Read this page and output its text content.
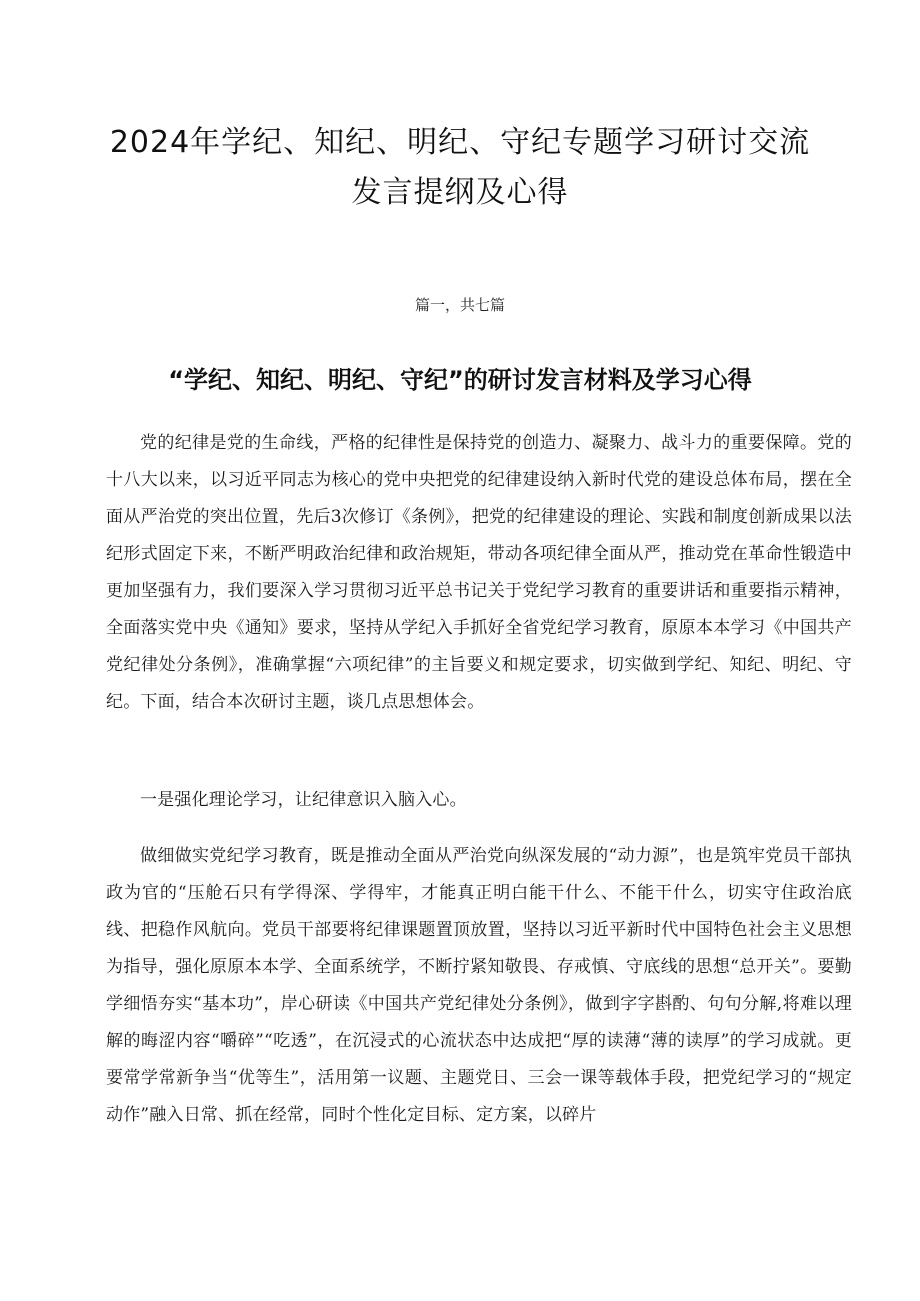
2024年学纪、知纪、明纪、守纪专题学习研讨交流
发言提纲及心得
篇一，共七篇
“学纪、知纪、明纪、守纪”的研讨发言材料及学习心得

党的纪律是党的生命线，严格的纪律性是保持党的创造力、凝聚力、战斗力的重要保障。党的十八大以来，以习近平同志为核心的党中央把党的纪律建设纳入新时代党的建设总体布局，摆在全面从严治党的突出位置，先后3次修订《条例》，把党的纪律建设的理论、实践和制度创新成果以法纪形式固定下来，不断严明政治纪律和政治规矩，带动各项纪律全面从严，推动党在革命性锻造中更加坚强有力，我们要深入学习贯彻习近平总书记关于党纪学习教育的重要讲话和重要指示精神，全面落实党中央《通知》要求，坚持从学纪入手抓好全省党纪学习教育，原原本本学习《中国共产党纪律处分条例》，准确掌握“六项纪律”的主旨要义和规定要求，切实做到学纪、知纪、明纪、守纪。下面，结合本次研讨主题，谈几点思想体会。

一是强化理论学习，让纪律意识入脑入心。

做细做实党纪学习教育，既是推动全面从严治党向纵深发展的“动力源”，也是筑牢党员干部执政为官的“压舱石只有学得深、学得牢，才能真正明白能干什么、不能干什么，切实守住政治底线、把稳作风航向。党员干部要将纪律课题置顶放置，坚持以习近平新时代中国特色社会主义思想为指导，强化原原本本学、全面系统学，不断拧紧知敬畏、存戒慎、守底线的思想“总开关”。要勤学细悟夯实“基本功”，岸心研读《中国共产党纪律处分条例》，做到字字斟酌、句句分解,将难以理解的晦涩内容“嚼碎”“吃透”，在沉浸式的心流状态中达成把“厚的读薄“薄的读厚”的学习成就。更要常学常新争当“优等生”，活用第一议题、主题党日、三会一课等载体手段，把党纪学习的“规定动作”融入日常、抓在经常，同时个性化定目标、定方案，以碎片
